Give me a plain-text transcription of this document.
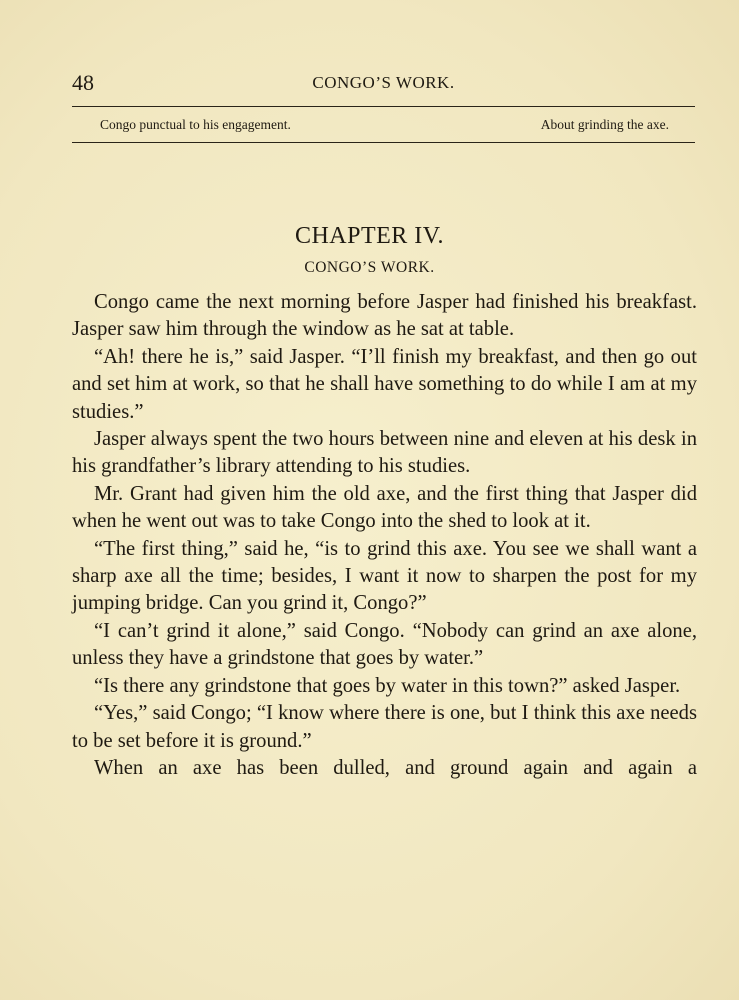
48	CONGO’S WORK.
Congo punctual to his engagement.	About grinding the axe.
CHAPTER IV.
CONGO’S WORK.

Congo came the next morning before Jasper had finished his breakfast. Jasper saw him through the window as he sat at table.

“Ah! there he is,” said Jasper. “I’ll finish my breakfast, and then go out and set him at work, so that he shall have something to do while I am at my studies.”

Jasper always spent the two hours between nine and eleven at his desk in his grandfather’s library attending to his studies.

Mr. Grant had given him the old axe, and the first thing that Jasper did when he went out was to take Congo into the shed to look at it.

“The first thing,” said he, “is to grind this axe. You see we shall want a sharp axe all the time; besides, I want it now to sharpen the post for my jumping bridge. Can you grind it, Congo?”

“I can’t grind it alone,” said Congo. “Nobody can grind an axe alone, unless they have a grindstone that goes by water.”

“Is there any grindstone that goes by water in this town?” asked Jasper.

“Yes,” said Congo; “I know where there is one, but I think this axe needs to be set before it is ground.”

When an axe has been dulled, and ground again and again a
